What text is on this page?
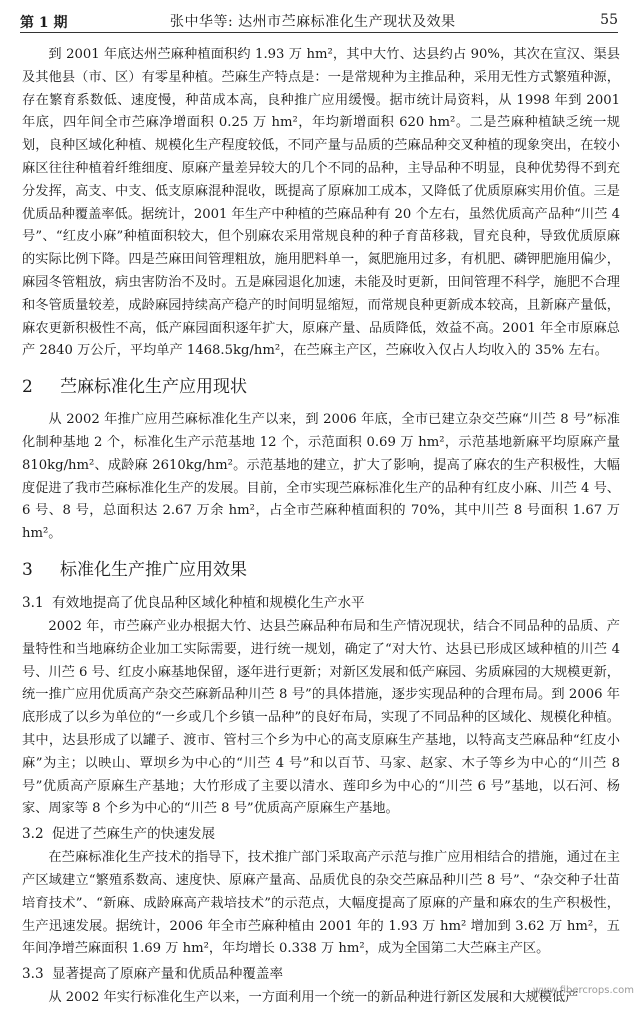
第 1 期	张中华等: 达州市苎麻标准化生产现状及效果	55

到 2001 年底达州苎麻种植面积约 1.93 万 hm²，其中大竹、达县约占 90%，其次在宣汉、渠县及其他县（市、区）有零星种植。苎麻生产特点是：一是常规种为主推品种，采用无性方式繁殖种源，存在繁育系数低、速度慢，种苗成本高，良种推广应用缓慢。据市统计局资料，从 1998 年到 2001 年底，四年间全市苎麻净增面积 0.25 万 hm²，年均新增面积 620 hm²。二是苎麻种植缺乏统一规划，良种区域化种植、规模化生产程度较低，不同产量与品质的苎麻品种交叉种植的现象突出，在较小麻区往往种植着纤维细度、原麻产量差异较大的几个不同的品种，主导品种不明显，良种优势得不到充分发挥，高支、中支、低支原麻混种混收，既提高了原麻加工成本，又降低了优质原麻实用价值。三是优质品种覆盖率低。据统计，2001 年生产中种植的苎麻品种有 20 个左右，虽然优质高产品种“川苎 4 号”、“红皮小麻”种植面积较大，但个别麻农采用常规良种的种子育苗移栽，冒充良种，导致优质原麻的实际比例下降。四是苎麻田间管理粗放，施用肥料单一，氮肥施用过多，有机肥、磷钾肥施用偏少，麻园冬管粗放，病虫害防治不及时。五是麻园退化加速，未能及时更新，田间管理不科学，施肥不合理和冬管质量较差，成龄麻园持续高产稳产的时间明显缩短，而常规良种更新成本较高，且新麻产量低，麻农更新积极性不高，低产麻园面积逐年扩大，原麻产量、品质降低，效益不高。2001 年全市原麻总产 2840 万公斤，平均单产 1468.5kg/hm²，在苎麻主产区，苎麻收入仅占人均收入的 35% 左右。

2 苎麻标准化生产应用现状

从 2002 年推广应用苎麻标准化生产以来，到 2006 年底，全市已建立杂交苎麻“川苎 8 号”标准化制种基地 2 个，标准化生产示范基地 12 个，示范面积 0.69 万 hm²，示范基地新麻平均原麻产量 810kg/hm²、成龄麻 2610kg/hm²。示范基地的建立，扩大了影响，提高了麻农的生产积极性，大幅度促进了我市苎麻标准化生产的发展。目前，全市实现苎麻标准化生产的品种有红皮小麻、川苎 4 号、6 号、8 号，总面积达 2.67 万余 hm²，占全市苎麻种植面积的 70%，其中川苎 8 号面积 1.67 万 hm²。

3 标准化生产推广应用效果
3.1 有效地提高了优良品种区域化种植和规模化生产水平

2002 年，市苎麻产业办根据大竹、达县苎麻品种布局和生产情况现状，结合不同品种的品质、产量特性和当地麻纺企业加工实际需要，进行统一规划，确定了“对大竹、达县已形成区域种植的川苎 4 号、川苎 6 号、红皮小麻基地保留，逐年进行更新；对新区发展和低产麻园、劣质麻园的大规模更新，统一推广应用优质高产杂交苎麻新品种川苎 8 号”的具体措施，逐步实现品种的合理布局。到 2006 年底形成了以乡为单位的“一乡或几个乡镇一品种”的良好布局，实现了不同品种的区域化、规模化种植。其中，达县形成了以罐子、渡市、管村三个乡为中心的高支原麻生产基地，以特高支苎麻品种“红皮小麻”为主；以映山、覃坝乡为中心的“川苎 4 号”和以百节、马家、赵家、木子等乡为中心的“川苎 8 号”优质高产原麻生产基地；大竹形成了主要以清水、莲印乡为中心的“川苎 6 号”基地，以石河、杨家、周家等 8 个乡为中心的“川苎 8 号”优质高产原麻生产基地。

3.2 促进了苎麻生产的快速发展

在苎麻标准化生产技术的指导下，技术推广部门采取高产示范与推广应用相结合的措施，通过在主产区域建立“繁殖系数高、速度快、原麻产量高、品质优良的杂交苎麻品种川苎 8 号”、“杂交种子壮苗培育技术”、“新麻、成龄麻高产栽培技术”的示范点，大幅度提高了原麻的产量和麻农的生产积极性，生产迅速发展。据统计，2006 年全市苎麻种植由 2001 年的 1.93 万 hm² 增加到 3.62 万 hm²，五年间净增苎麻面积 1.69 万 hm²，年均增长 0.338 万 hm²，成为全国第二大苎麻主产区。

3.3 显著提高了原麻产量和优质品种覆盖率

从 2002 年实行标准化生产以来，一方面利用一个统一的新品种进行新区发展和大规模低产

www.fibercrops.com
